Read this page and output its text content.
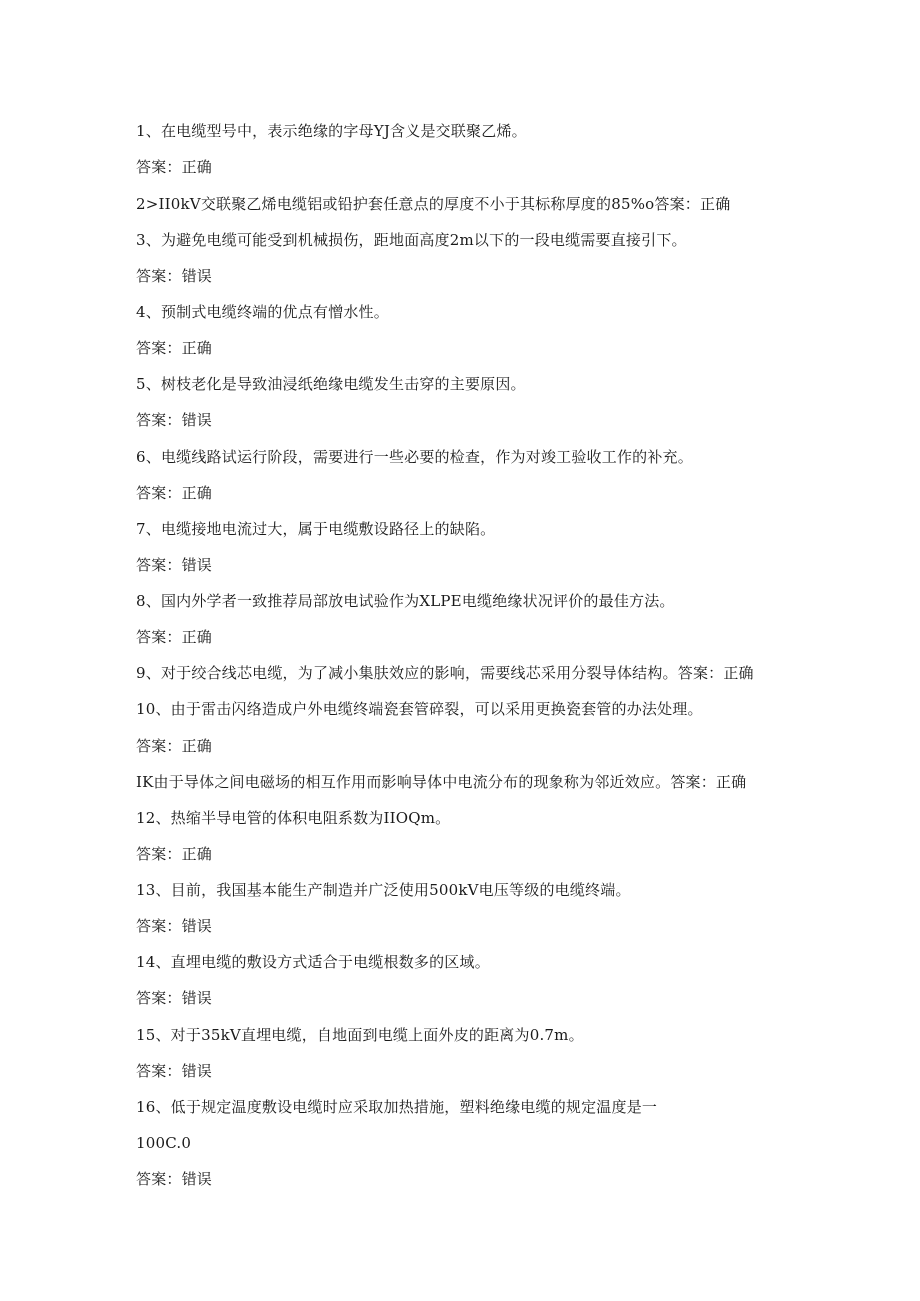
1、在电缆型号中，表示绝缘的字母YJ含义是交联聚乙烯。
答案：正确
2>II0kV交联聚乙烯电缆铝或铅护套任意点的厚度不小于其标称厚度的85%o答案：正确
3、为避免电缆可能受到机械损伤，距地面高度2m以下的一段电缆需要直接引下。
答案：错误
4、预制式电缆终端的优点有憎水性。
答案：正确
5、树枝老化是导致油浸纸绝缘电缆发生击穿的主要原因。
答案：错误
6、电缆线路试运行阶段，需要进行一些必要的检查，作为对竣工验收工作的补充。
答案：正确
7、电缆接地电流过大，属于电缆敷设路径上的缺陷。
答案：错误
8、国内外学者一致推荐局部放电试验作为XLPE电缆绝缘状况评价的最佳方法。
答案：正确
9、对于绞合线芯电缆，为了减小集肤效应的影响，需要线芯采用分裂导体结构。答案：正确
10、由于雷击闪络造成户外电缆终端瓷套管碎裂，可以采用更换瓷套管的办法处理。
答案：正确
IK由于导体之间电磁场的相互作用而影响导体中电流分布的现象称为邻近效应。答案：正确
12、热缩半导电管的体积电阻系数为IIOQm。
答案：正确
13、目前，我国基本能生产制造并广泛使用500kV电压等级的电缆终端。
答案：错误
14、直埋电缆的敷设方式适合于电缆根数多的区域。
答案：错误
15、对于35kV直埋电缆，自地面到电缆上面外皮的距离为0.7m。
答案：错误
16、低于规定温度敷设电缆时应采取加热措施，塑料绝缘电缆的规定温度是一
100C.0
答案：错误
